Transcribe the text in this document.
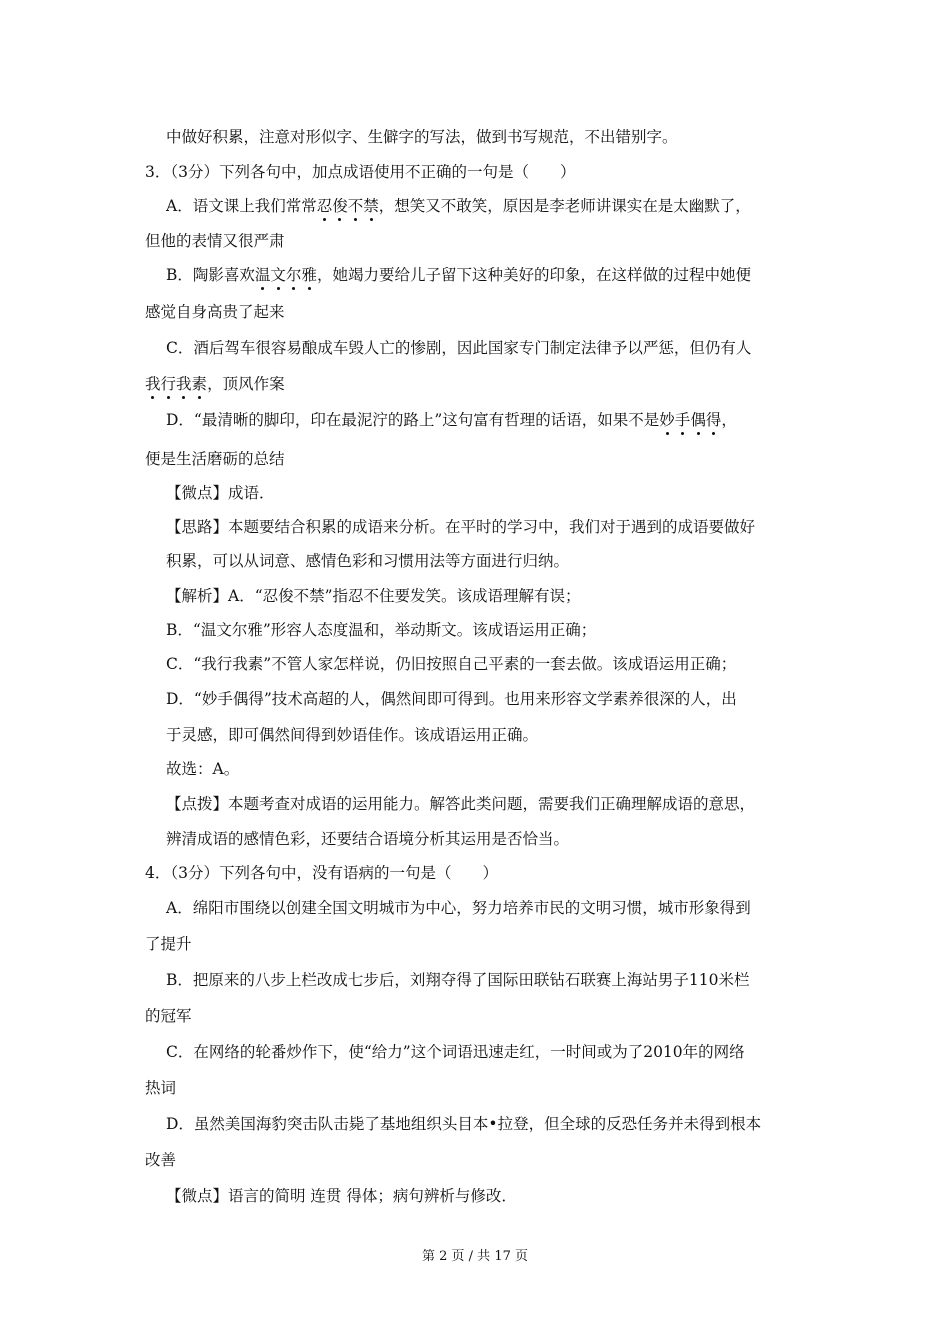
中做好积累，注意对形似字、生僻字的写法，做到书写规范，不出错别字。
3．（3分）下列各句中，加点成语使用不正确的一句是（　　）
A．语文课上我们常常忍俊不禁，想笑又不敢笑，原因是李老师讲课实在是太幽默了，
但他的表情又很严肃
B．陶影喜欢温文尔雅，她竭力要给儿子留下这种美好的印象，在这样做的过程中她便
感觉自身高贵了起来
C．酒后驾车很容易酿成车毁人亡的惨剧，因此国家专门制定法律予以严惩，但仍有人
我行我素，顶风作案
D．“最清晰的脚印，印在最泥泞的路上”这句富有哲理的话语，如果不是妙手偶得，
便是生活磨砺的总结
【微点】成语．
【思路】本题要结合积累的成语来分析。在平时的学习中，我们对于遇到的成语要做好
积累，可以从词意、感情色彩和习惯用法等方面进行归纳。
【解析】A．“忍俊不禁”指忍不住要发笑。该成语理解有误；
B．“温文尔雅”形容人态度温和，举动斯文。该成语运用正确；
C．“我行我素”不管人家怎样说，仍旧按照自己平素的一套去做。该成语运用正确；
D．“妙手偶得”技术高超的人，偶然间即可得到。也用来形容文学素养很深的人，出
于灵感，即可偶然间得到妙语佳作。该成语运用正确。
故选：A。
【点拨】本题考查对成语的运用能力。解答此类问题，需要我们正确理解成语的意思，
辨清成语的感情色彩，还要结合语境分析其运用是否恰当。
4．（3分）下列各句中，没有语病的一句是（　　）
A．绵阳市围绕以创建全国文明城市为中心，努力培养市民的文明习惯，城市形象得到
了提升
B．把原来的八步上栏改成七步后，刘翔夺得了国际田联钻石联赛上海站男子110米栏
的冠军
C．在网络的轮番炒作下，使“给力”这个词语迅速走红，一时间或为了2010年的网络
热词
D．虽然美国海豹突击队击毙了基地组织头目本•拉登，但全球的反恐任务并未得到根本
改善
【微点】语言的简明 连贯 得体；病句辨析与修改．
第 2 页 / 共 17 页
